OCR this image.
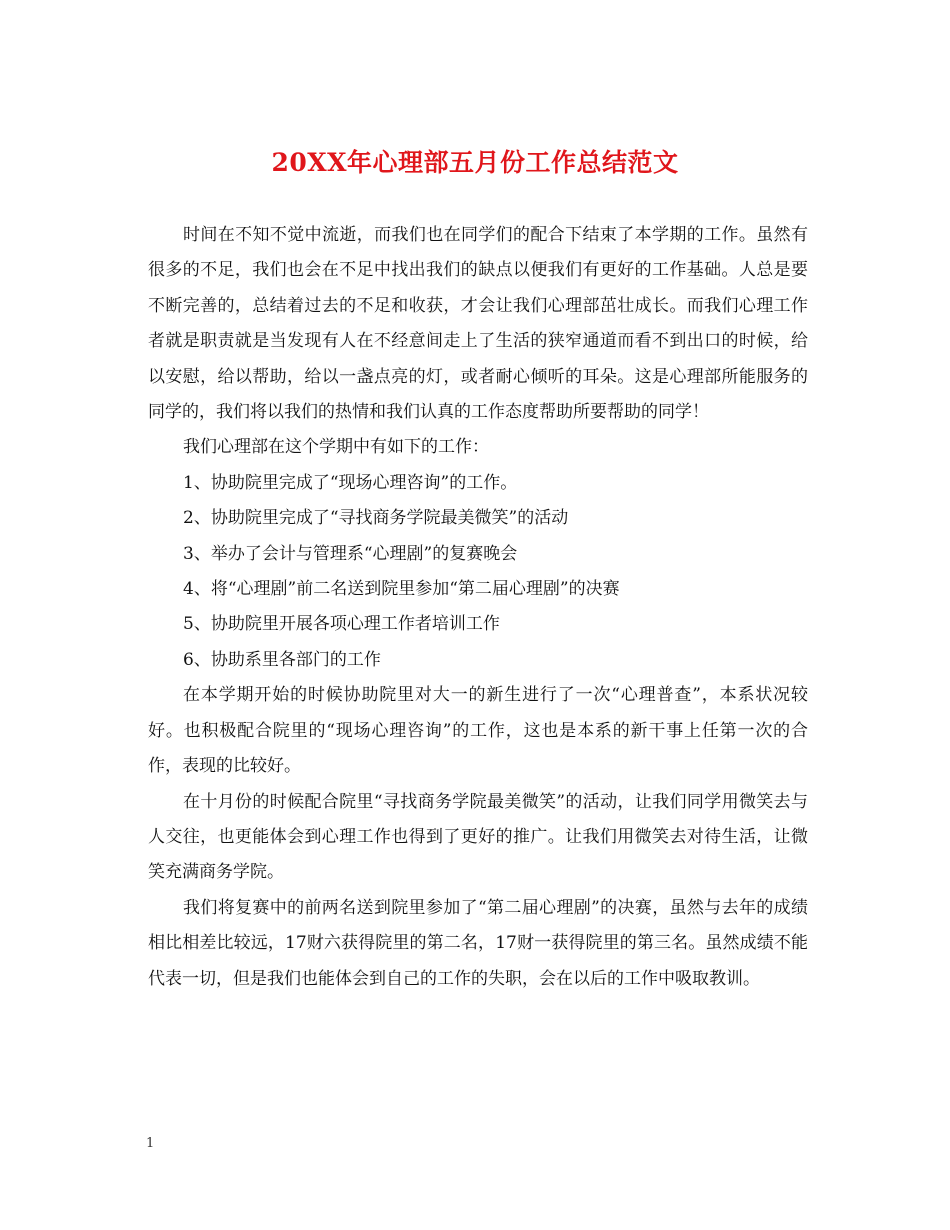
20XX年心理部五月份工作总结范文

时间在不知不觉中流逝，而我们也在同学们的配合下结束了本学期的工作。虽然有很多的不足，我们也会在不足中找出我们的缺点以便我们有更好的工作基础。人总是要不断完善的，总结着过去的不足和收获，才会让我们心理部茁壮成长。而我们心理工作者就是职责就是当发现有人在不经意间走上了生活的狭窄通道而看不到出口的时候，给以安慰，给以帮助，给以一盏点亮的灯，或者耐心倾听的耳朵。这是心理部所能服务的同学的，我们将以我们的热情和我们认真的工作态度帮助所要帮助的同学！

我们心理部在这个学期中有如下的工作：

1、协助院里完成了“现场心理咨询”的工作。

2、协助院里完成了“寻找商务学院最美微笑”的活动

3、举办了会计与管理系“心理剧”的复赛晚会

4、将“心理剧”前二名送到院里参加“第二届心理剧”的决赛

5、协助院里开展各项心理工作者培训工作

6、协助系里各部门的工作

在本学期开始的时候协助院里对大一的新生进行了一次“心理普查”，本系状况较好。也积极配合院里的“现场心理咨询”的工作，这也是本系的新干事上任第一次的合作，表现的比较好。

在十月份的时候配合院里“寻找商务学院最美微笑”的活动，让我们同学用微笑去与人交往，也更能体会到心理工作也得到了更好的推广。让我们用微笑去对待生活，让微笑充满商务学院。

我们将复赛中的前两名送到院里参加了“第二届心理剧”的决赛，虽然与去年的成绩相比相差比较远，17财六获得院里的第二名，17财一获得院里的第三名。虽然成绩不能代表一切，但是我们也能体会到自己的工作的失职，会在以后的工作中吸取教训。

1
